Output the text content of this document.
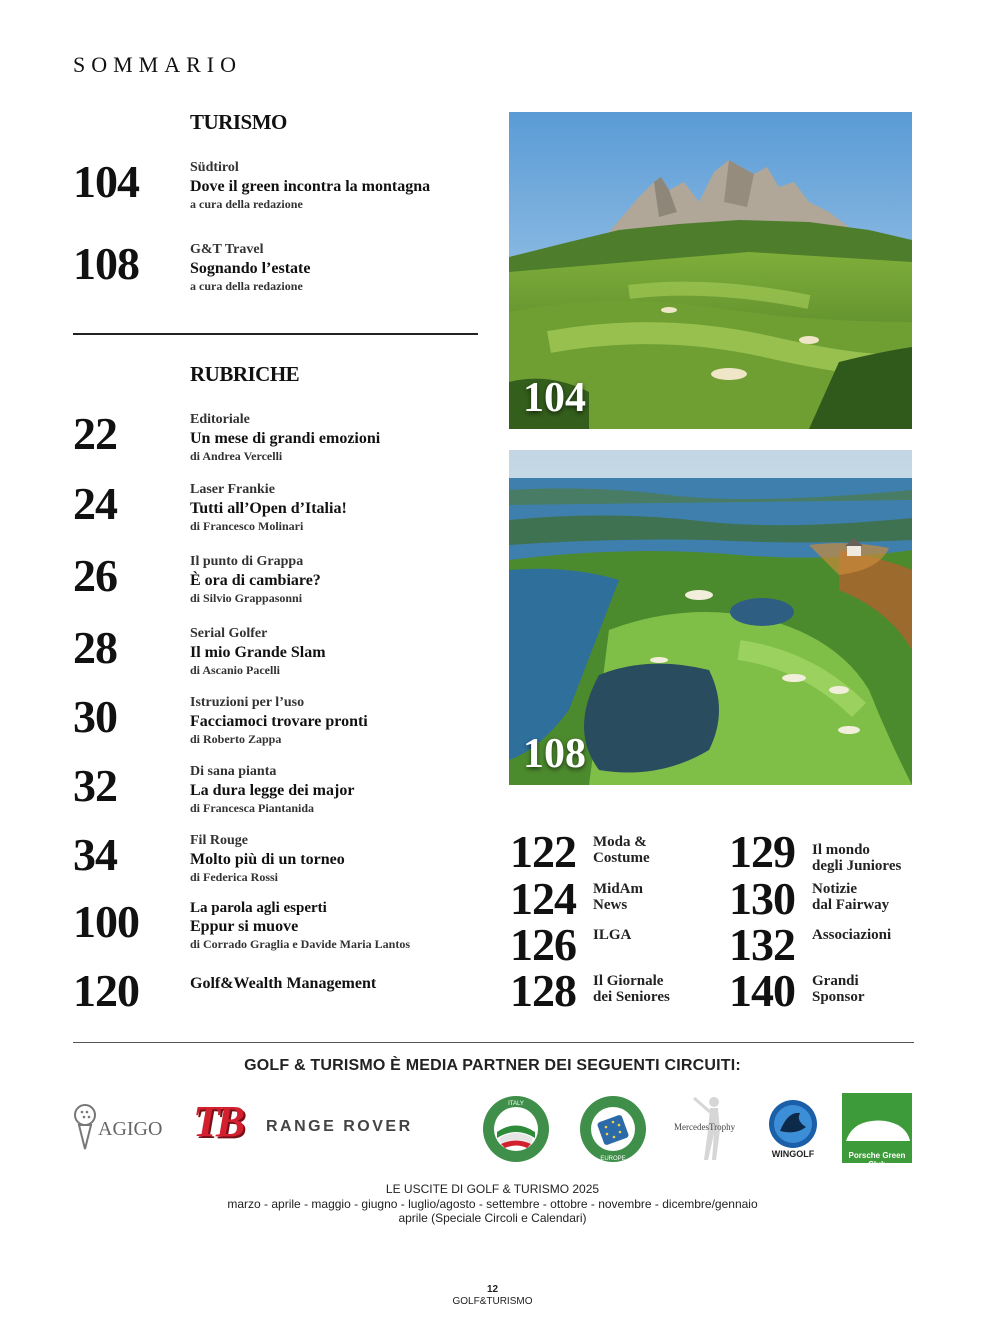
SOMMARIO
TURISMO
104	Südtirol
Dove il green incontra la montagna
a cura della redazione
108	G&T Travel
Sognando l’estate
a cura della redazione
RUBRICHE
22	Editoriale
Un mese di grandi emozioni
di Andrea Vercelli
24	Laser Frankie
Tutti all’Open d’Italia!
di Francesco Molinari
26	Il punto di Grappa
È ora di cambiare?
di Silvio Grappasonni
28	Serial Golfer
Il mio Grande Slam
di Ascanio Pacelli
30	Istruzioni per l’uso
Facciamoci trovare pronti
di Roberto Zappa
32	Di sana pianta
La dura legge dei major
di Francesca Piantanida
34	Fil Rouge
Molto più di un torneo
di Federica Rossi
100	La parola agli esperti
Eppur si muove
di Corrado Graglia e Davide Maria Lantos
120	Golf&Wealth Management
104
108
122 Moda &
Costume
124 MidAm
News
126 ILGA
128 Il Giornale
dei Seniores
129 Il mondo
degli Juniores
130 Notizie
dal Fairway
132 Associazioni
140 Grandi
Sponsor
GOLF & TURISMO È MEDIA PARTNER DEI SEGUENTI CIRCUITI:
AGIGO TB RANGE ROVER
ITALY
EUROPE
MercedesTrophy
WINGOLF	Porsche Green Club
LE USCITE DI GOLF & TURISMO 2025
marzo - aprile - maggio - giugno - luglio/agosto - settembre - ottobre - novembre - dicembre/gennaio
aprile (Speciale Circoli e Calendari)
12
GOLF&TURISMO
